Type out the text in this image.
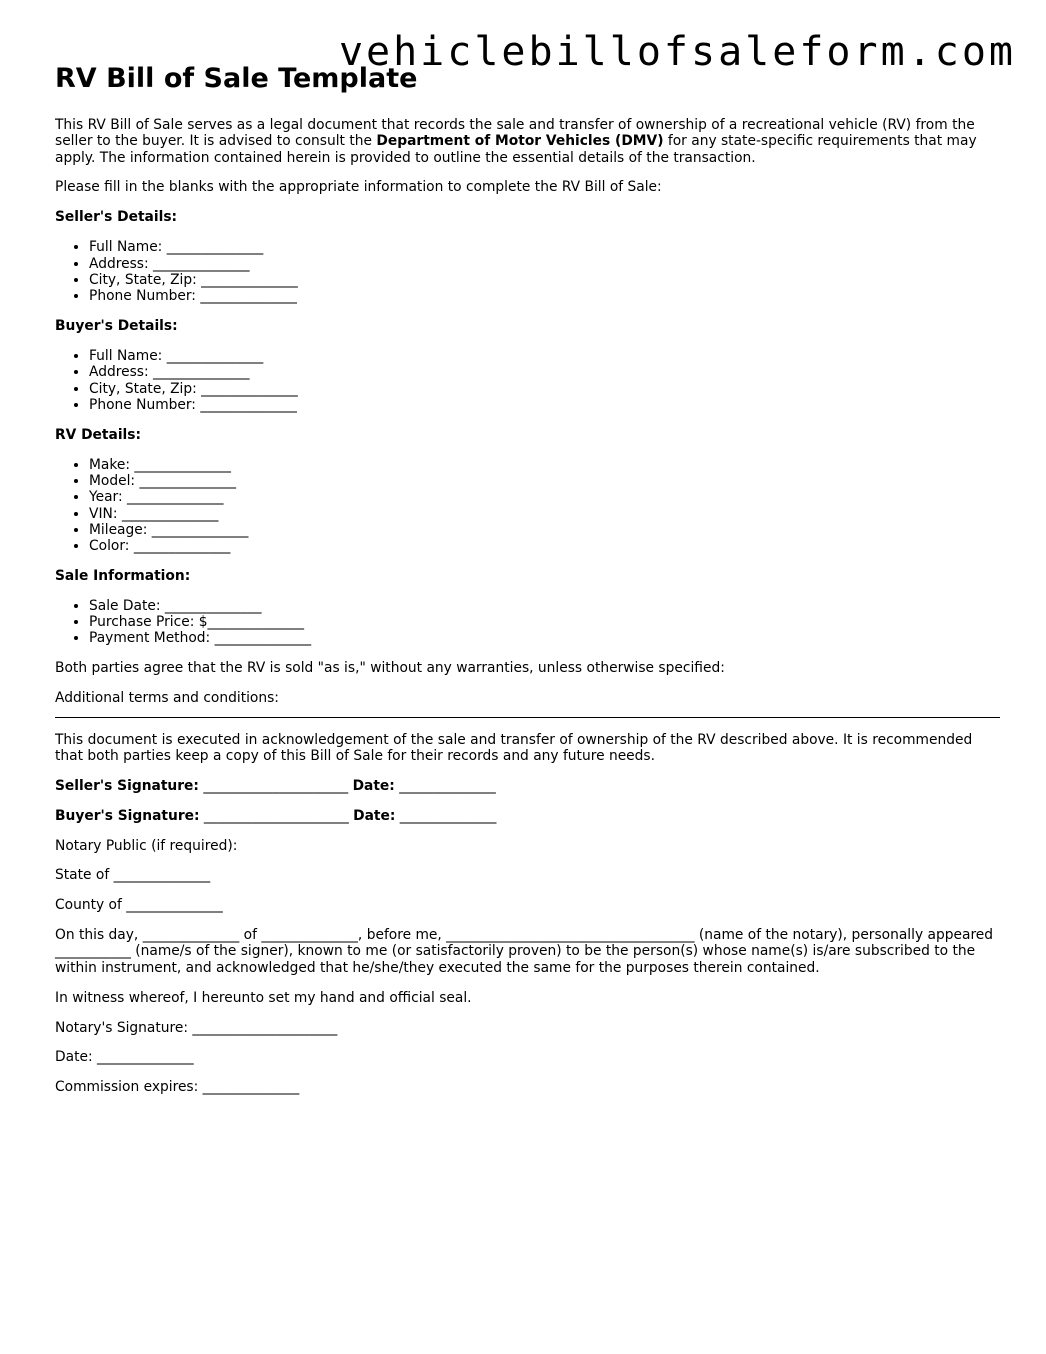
vehiclebillofsaleform.com
RV Bill of Sale Template

This RV Bill of Sale serves as a legal document that records the sale and transfer of ownership of a recreational vehicle (RV) from the seller to the buyer. It is advised to consult the Department of Motor Vehicles (DMV) for any state-specific requirements that may apply. The information contained herein is provided to outline the essential details of the transaction.

Please fill in the blanks with the appropriate information to complete the RV Bill of Sale:

Seller's Details:

• Full Name: ______________
• Address: ______________
• City, State, Zip: ______________
• Phone Number: ______________

Buyer's Details:

• Full Name: ______________
• Address: ______________
• City, State, Zip: ______________
• Phone Number: ______________

RV Details:

• Make: ______________
• Model: ______________
• Year: ______________
• VIN: ______________
• Mileage: ______________
• Color: ______________

Sale Information:

• Sale Date: ______________
• Purchase Price: $______________
• Payment Method: ______________

Both parties agree that the RV is sold "as is," without any warranties, unless otherwise specified:

Additional terms and conditions:

This document is executed in acknowledgement of the sale and transfer of ownership of the RV described above. It is recommended that both parties keep a copy of this Bill of Sale for their records and any future needs.

Seller's Signature: _____________________ Date: ______________

Buyer's Signature: _____________________ Date: ______________

Notary Public (if required):

State of ______________

County of ______________

On this day, ______________ of ______________, before me, ____________________________________ (name of the notary), personally appeared ___________ (name/s of the signer), known to me (or satisfactorily proven) to be the person(s) whose name(s) is/are subscribed to the within instrument, and acknowledged that he/she/they executed the same for the purposes therein contained.

In witness whereof, I hereunto set my hand and official seal.

Notary's Signature: _____________________

Date: ______________

Commission expires: ______________
